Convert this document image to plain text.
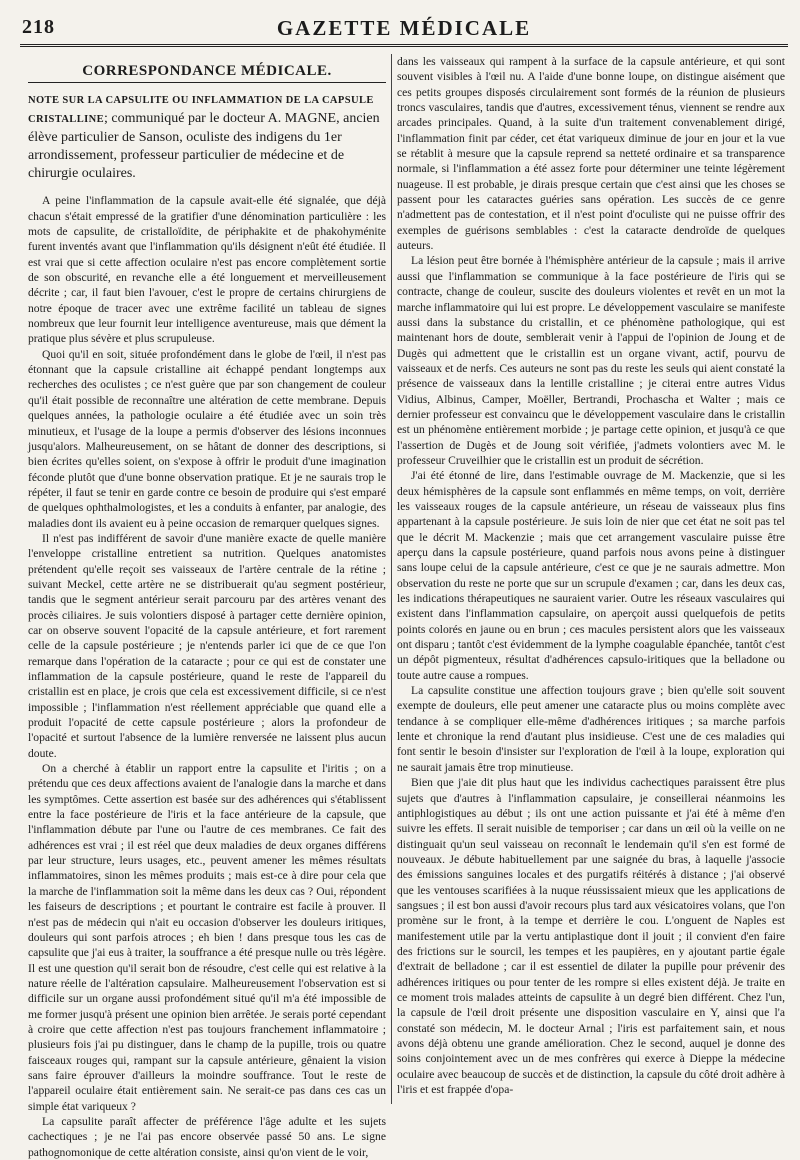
218	GAZETTE MÉDICALE
CORRESPONDANCE MÉDICALE.
NOTE SUR LA CAPSULITE OU INFLAMMATION DE LA CAPSULE CRISTALLINE; communiqué par le docteur A. MAGNE, ancien élève particulier de Sanson, oculiste des indigens du 1er arrondissement, professeur particulier de médecine et de chirurgie oculaires.

A peine l'inflammation de la capsule avait-elle été signalée, que déjà chacun s'était empressé de la gratifier d'une dénomination particulière : les mots de capsulite, de cristalloïdite, de périphakite et de phakohyménite furent inventés avant que l'inflammation qu'ils désignent n'eût été étudiée. Il est vrai que si cette affection oculaire n'est pas encore complètement sortie de son obscurité, en revanche elle a été longuement et merveilleusement décrite ; car, il faut bien l'avouer, c'est le propre de certains chirurgiens de notre époque de tracer avec une extrême facilité un tableau de signes nombreux que leur fournit leur intelligence aventureuse, mais que dément la pratique plus sévère et plus scrupuleuse.

Quoi qu'il en soit, située profondément dans le globe de l'œil, il n'est pas étonnant que la capsule cristalline ait échappé pendant longtemps aux recherches des oculistes ; ce n'est guère que par son changement de couleur qu'il était possible de reconnaître une altération de cette membrane. Depuis quelques années, la pathologie oculaire a été étudiée avec un soin très minutieux, et l'usage de la loupe a permis d'observer des lésions inconnues jusqu'alors. Malheureusement, on se hâtant de donner des descriptions, si bien écrites qu'elles soient, on s'expose à offrir le produit d'une imagination féconde plutôt que d'une bonne observation pratique. Et je ne saurais trop le répéter, il faut se tenir en garde contre ce besoin de produire qui s'est emparé de quelques ophthalmologistes, et les a conduits à enfanter, par analogie, des maladies dont ils avaient eu à peine occasion de remarquer quelques signes.

Il n'est pas indifférent de savoir d'une manière exacte de quelle manière l'enveloppe cristalline entretient sa nutrition. Quelques anatomistes prétendent qu'elle reçoit ses vaisseaux de l'artère centrale de la rétine ; suivant Meckel, cette artère ne se distribuerait qu'au segment postérieur, tandis que le segment antérieur serait parcouru par des artères venant des procès ciliaires. Je suis volontiers disposé à partager cette dernière opinion, car on observe souvent l'opacité de la capsule antérieure, et fort rarement celle de la capsule postérieure ; je n'entends parler ici que de ce que l'on remarque dans l'opération de la cataracte ; pour ce qui est de constater une inflammation de la capsule postérieure, quand le reste de l'appareil du cristallin est en place, je crois que cela est excessivement difficile, si ce n'est impossible ; l'inflammation n'est réellement appréciable que quand elle a produit l'opacité de cette capsule postérieure ; alors la profondeur de l'opacité et surtout l'absence de la lumière renversée ne laissent plus aucun doute.

On a cherché à établir un rapport entre la capsulite et l'iritis ; on a prétendu que ces deux affections avaient de l'analogie dans la marche et dans les symptômes. Cette assertion est basée sur des adhérences qui s'établissent entre la face postérieure de l'iris et la face antérieure de la capsule, que l'inflammation débute par l'une ou l'autre de ces membranes. Ce fait des adhérences est vrai ; il est réel que deux maladies de deux organes différens par leur structure, leurs usages, etc., peuvent amener les mêmes résultats inflammatoires, sinon les mêmes produits ; mais est-ce à dire pour cela que la marche de l'inflammation soit la même dans les deux cas ? Oui, répondent les faiseurs de descriptions ; et pourtant le contraire est facile à prouver. Il n'est pas de médecin qui n'ait eu occasion d'observer les douleurs iritiques, douleurs qui sont parfois atroces ; eh bien ! dans presque tous les cas de capsulite que j'ai eus à traiter, la souffrance a été presque nulle ou très légère. Il est une question qu'il serait bon de résoudre, c'est celle qui est relative à la nature réelle de l'altération capsulaire. Malheureusement l'observation est si difficile sur un organe aussi profondément situé qu'il m'a été impossible de me former jusqu'à présent une opinion bien arrêtée. Je serais porté cependant à croire que cette affection n'est pas toujours franchement inflammatoire ; plusieurs fois j'ai pu distinguer, dans le champ de la pupille, trois ou quatre faisceaux rouges qui, rampant sur la capsule antérieure, gênaient la vision sans faire éprouver d'ailleurs la moindre souffrance. Tout le reste de l'appareil oculaire était entièrement sain. Ne serait-ce pas dans ces cas un simple état variqueux ?

La capsulite paraît affecter de préférence l'âge adulte et les sujets cachectiques ; je ne l'ai pas encore observée passé 50 ans. Le signe pathognomonique de cette altération consiste, ainsi qu'on vient de le voir,

dans les vaisseaux qui rampent à la surface de la capsule antérieure, et qui sont souvent visibles à l'œil nu. A l'aide d'une bonne loupe, on distingue aisément que ces petits groupes disposés circulairement sont formés de la réunion de plusieurs troncs vasculaires, tandis que d'autres, excessivement ténus, viennent se rendre aux arcades principales. Quand, à la suite d'un traitement convenablement dirigé, l'inflammation finit par céder, cet état variqueux diminue de jour en jour et la vue se rétablit à mesure que la capsule reprend sa netteté ordinaire et sa transparence normale, si l'inflammation a été assez forte pour déterminer une teinte légèrement nuageuse. Il est probable, je dirais presque certain que c'est ainsi que les choses se passent pour les cataractes guéries sans opération. Les succès de ce genre n'admettent pas de contestation, et il n'est point d'oculiste qui ne puisse offrir des exemples de guérisons semblables : c'est la cataracte dendroïde de quelques auteurs.

La lésion peut être bornée à l'hémisphère antérieur de la capsule ; mais il arrive aussi que l'inflammation se communique à la face postérieure de l'iris qui se contracte, change de couleur, suscite des douleurs violentes et revêt en un mot la marche inflammatoire qui lui est propre. Le développement vasculaire se manifeste aussi dans la substance du cristallin, et ce phénomène pathologique, qui est maintenant hors de doute, semblerait venir à l'appui de l'opinion de Joung et de Dugès qui admettent que le cristallin est un organe vivant, actif, pourvu de vaisseaux et de nerfs. Ces auteurs ne sont pas du reste les seuls qui aient constaté la présence de vaisseaux dans la lentille cristalline ; je citerai entre autres Vidus Vidius, Albinus, Camper, Moëller, Bertrandi, Prochascha et Walter ; mais ce dernier professeur est convaincu que le développement vasculaire dans le cristallin est un phénomène entièrement morbide ; je partage cette opinion, et jusqu'à ce que l'assertion de Dugès et de Joung soit vérifiée, j'admets volontiers avec M. le professeur Cruveilhier que le cristallin est un produit de sécrétion.

J'ai été étonné de lire, dans l'estimable ouvrage de M. Mackenzie, que si les deux hémisphères de la capsule sont enflammés en même temps, on voit, derrière les vaisseaux rouges de la capsule antérieure, un réseau de vaisseaux plus fins appartenant à la capsule postérieure. Je suis loin de nier que cet état ne soit pas tel que le décrit M. Mackenzie ; mais que cet arrangement vasculaire puisse être aperçu dans la capsule postérieure, quand parfois nous avons peine à distinguer sans loupe celui de la capsule antérieure, c'est ce que je ne saurais admettre. Mon observation du reste ne porte que sur un scrupule d'examen ; car, dans les deux cas, les indications thérapeutiques ne sauraient varier. Outre les réseaux vasculaires qui existent dans l'inflammation capsulaire, on aperçoit aussi quelquefois de petits points colorés en jaune ou en brun ; ces macules persistent alors que les vaisseaux ont disparu ; tantôt c'est évidemment de la lymphe coagulable épanchée, tantôt c'est un dépôt pigmenteux, résultat d'adhérences capsulo-iritiques que la belladone ou toute autre cause a rompues.

La capsulite constitue une affection toujours grave ; bien qu'elle soit souvent exempte de douleurs, elle peut amener une cataracte plus ou moins complète avec tendance à se compliquer elle-même d'adhérences iritiques ; sa marche parfois lente et chronique la rend d'autant plus insidieuse. C'est une de ces maladies qui font sentir le besoin d'insister sur l'exploration de l'œil à la loupe, exploration qui ne saurait jamais être trop minutieuse.

Bien que j'aie dit plus haut que les individus cachectiques paraissent être plus sujets que d'autres à l'inflammation capsulaire, je conseillerai néanmoins les antiphlogistiques au début ; ils ont une action puissante et j'ai été à même d'en suivre les effets. Il serait nuisible de temporiser ; car dans un œil où la veille on ne distinguait qu'un seul vaisseau on reconnaît le lendemain qu'il s'en est formé de nouveaux. Je débute habituellement par une saignée du bras, à laquelle j'associe des émissions sanguines locales et des purgatifs réitérés à distance ; j'ai observé que les ventouses scarifiées à la nuque réussissaient mieux que les applications de sangsues ; il est bon aussi d'avoir recours plus tard aux vésicatoires volans, que l'on promène sur le front, à la tempe et derrière le cou. L'onguent de Naples est manifestement utile par la vertu antiplastique dont il jouit ; il convient d'en faire des frictions sur le sourcil, les tempes et les paupières, en y ajoutant partie égale d'extrait de belladone ; car il est essentiel de dilater la pupille pour prévenir des adhérences iritiques ou pour tenter de les rompre si elles existent déjà. Je traite en ce moment trois malades atteints de capsulite à un degré bien différent. Chez l'un, la capsule de l'œil droit présente une disposition vasculaire en Y, ainsi que l'a constaté son médecin, M. le docteur Arnal ; l'iris est parfaitement sain, et nous avons déjà obtenu une grande amélioration. Chez le second, auquel je donne des soins conjointement avec un de mes confrères qui exerce à Dieppe la médecine oculaire avec beaucoup de succès et de distinction, la capsule du côté droit adhère à l'iris et est frappée d'opa-
